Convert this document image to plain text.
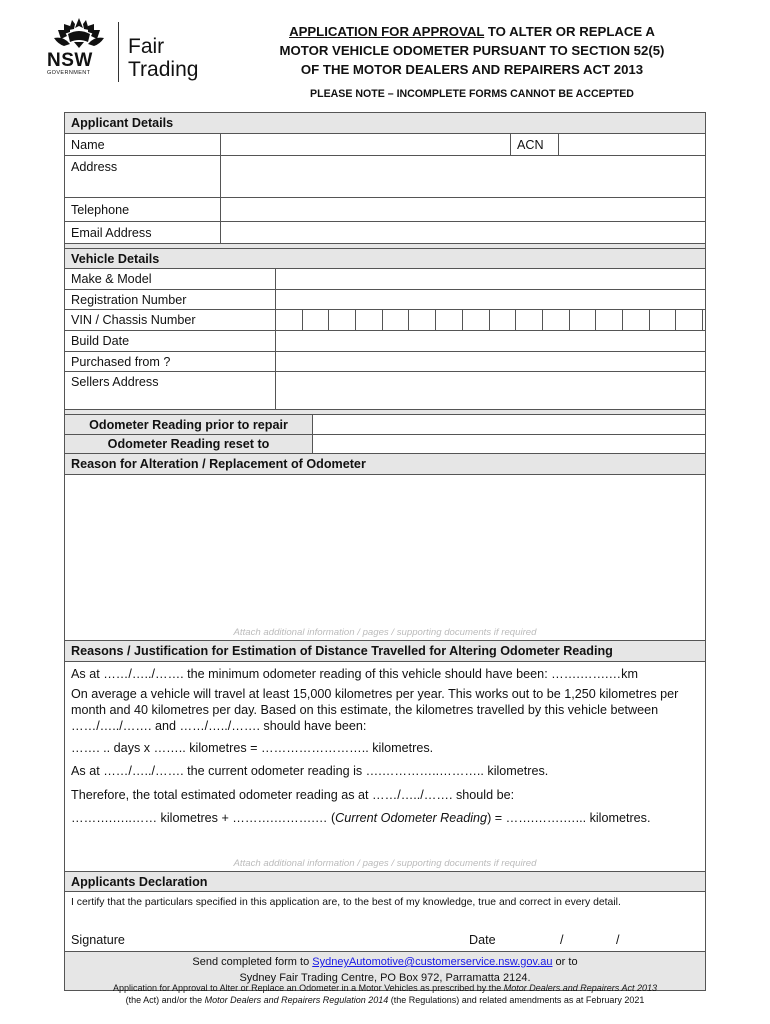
NSW
GOVERNMENT
Fair
Trading
APPLICATION FOR APPROVAL TO ALTER OR REPLACE A
MOTOR VEHICLE ODOMETER PURSUANT TO SECTION 52(5)
OF THE MOTOR DEALERS AND REPAIRERS ACT 2013
PLEASE NOTE – INCOMPLETE FORMS CANNOT BE ACCEPTED
Applicant Details
Name	ACN
Address
Telephone
Email Address
Vehicle Details
Make & Model
Registration Number
VIN / Chassis Number
Build Date
Purchased from ?
Sellers Address
Odometer Reading prior to repair
Odometer Reading reset to
Reason for Alteration / Replacement of Odometer
Attach additional information / pages / supporting documents if required
Reasons / Justification for Estimation of Distance Travelled for Altering Odometer Reading

As at ……/…../……. the minimum odometer reading of this vehicle should have been: …….…….…km

On average a vehicle will travel at least 15,000 kilometres per year. This works out to be 1,250 kilometres per month and 40 kilometres per day. Based on this estimate, the kilometres travelled by this vehicle between ……/…../……. and ……/…../……. should have been:

……. .. days x …….. kilometres = …………………….. kilometres.

As at ……/…../……. the current odometer reading is ….…………..……….. kilometres.

Therefore, the total estimated odometer reading as at ……/…../……. should be:

……….…..…… kilometres + ……….……….… (Current Odometer Reading) = …….…….…... kilometres.

Attach additional information / pages / supporting documents if required
Applicants Declaration
I certify that the particulars specified in this application are, to the best of my knowledge, true and correct in every detail.
Signature	Date	/	/
Send completed form to SydneyAutomotive@customerservice.nsw.gov.au or to
Sydney Fair Trading Centre, PO Box 972, Parramatta 2124.
Application for Approval to Alter or Replace an Odometer in a Motor Vehicles as prescribed by the Motor Dealers and Repairers Act 2013
(the Act) and/or the Motor Dealers and Repairers Regulation 2014 (the Regulations) and related amendments as at February 2021
